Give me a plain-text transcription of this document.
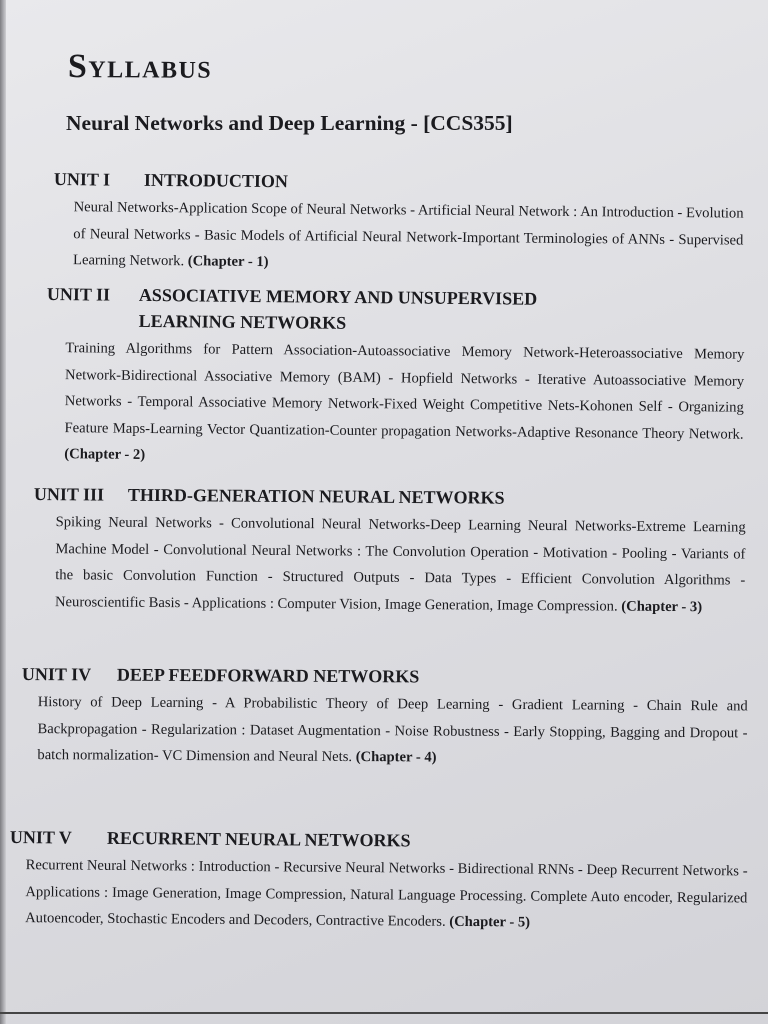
Syllabus
Neural Networks and Deep Learning - [CCS355]
UNIT I INTRODUCTION

Neural Networks-Application Scope of Neural Networks - Artificial Neural Network : An Introduction - Evolution of Neural Networks - Basic Models of Artificial Neural Network-Important Terminologies of ANNs - Supervised Learning Network. (Chapter - 1)

UNIT II ASSOCIATIVE MEMORY AND UNSUPERVISED
LEARNING NETWORKS

Training Algorithms for Pattern Association-Autoassociative Memory Network-Heteroassociative Memory Network-Bidirectional Associative Memory (BAM) - Hopfield Networks - Iterative Autoassociative Memory Networks - Temporal Associative Memory Network-Fixed Weight Competitive Nets-Kohonen Self - Organizing Feature Maps-Learning Vector Quantization-Counter propagation Networks-Adaptive Resonance Theory Network. (Chapter - 2)

UNIT III THIRD-GENERATION NEURAL NETWORKS

Spiking Neural Networks - Convolutional Neural Networks-Deep Learning Neural Networks-Extreme Learning Machine Model - Convolutional Neural Networks : The Convolution Operation - Motivation - Pooling - Variants of the basic Convolution Function - Structured Outputs - Data Types - Efficient Convolution Algorithms - Neuroscientific Basis - Applications : Computer Vision, Image Generation, Image Compression. (Chapter - 3)

UNIT IV DEEP FEEDFORWARD NETWORKS

History of Deep Learning - A Probabilistic Theory of Deep Learning - Gradient Learning - Chain Rule and Backpropagation - Regularization : Dataset Augmentation - Noise Robustness - Early Stopping, Bagging and Dropout - batch normalization- VC Dimension and Neural Nets. (Chapter - 4)

UNIT V RECURRENT NEURAL NETWORKS

Recurrent Neural Networks : Introduction - Recursive Neural Networks - Bidirectional RNNs - Deep Recurrent Networks - Applications : Image Generation, Image Compression, Natural Language Processing. Complete Auto encoder, Regularized Autoencoder, Stochastic Encoders and Decoders, Contractive Encoders. (Chapter - 5)
